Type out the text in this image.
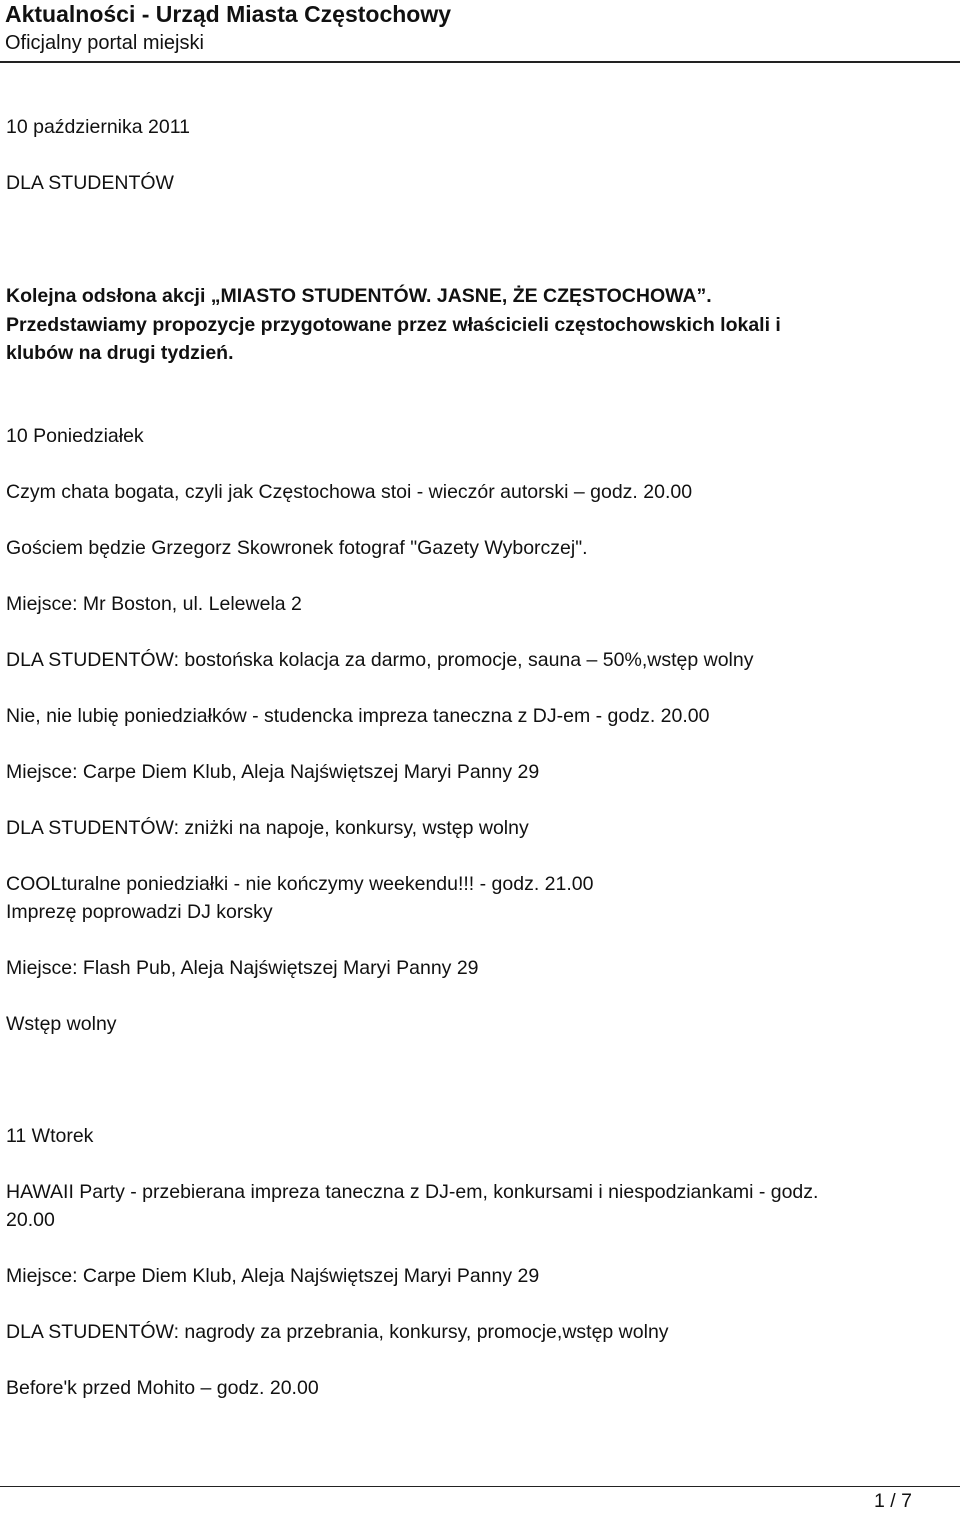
Aktualności - Urząd Miasta Częstochowy
Oficjalny portal miejski
10 października 2011
DLA STUDENTÓW
Kolejna odsłona akcji „MIASTO STUDENTÓW. JASNE, ŻE CZĘSTOCHOWA”.
Przedstawiamy propozycje przygotowane przez właścicieli częstochowskich lokali i
klubów na drugi tydzień.
10 Poniedziałek
Czym chata bogata, czyli jak Częstochowa stoi - wieczór autorski – godz. 20.00
Gościem będzie Grzegorz Skowronek fotograf "Gazety Wyborczej".
Miejsce: Mr Boston, ul. Lelewela 2
DLA STUDENTÓW: bostońska kolacja za darmo, promocje, sauna – 50%,wstęp wolny
Nie, nie lubię poniedziałków - studencka impreza taneczna z DJ-em - godz. 20.00
Miejsce: Carpe Diem Klub, Aleja Najświętszej Maryi Panny 29
DLA STUDENTÓW: zniżki na napoje, konkursy, wstęp wolny
COOLturalne poniedziałki - nie kończymy weekendu!!! - godz. 21.00
Imprezę poprowadzi DJ korsky
Miejsce: Flash Pub, Aleja Najświętszej Maryi Panny 29
Wstęp wolny
11 Wtorek
HAWAII Party - przebierana impreza taneczna z DJ-em, konkursami i niespodziankami - godz.
20.00
Miejsce: Carpe Diem Klub, Aleja Najświętszej Maryi Panny 29
DLA STUDENTÓW: nagrody za przebrania, konkursy, promocje,wstęp wolny
Before'k przed Mohito – godz. 20.00
1 / 7
